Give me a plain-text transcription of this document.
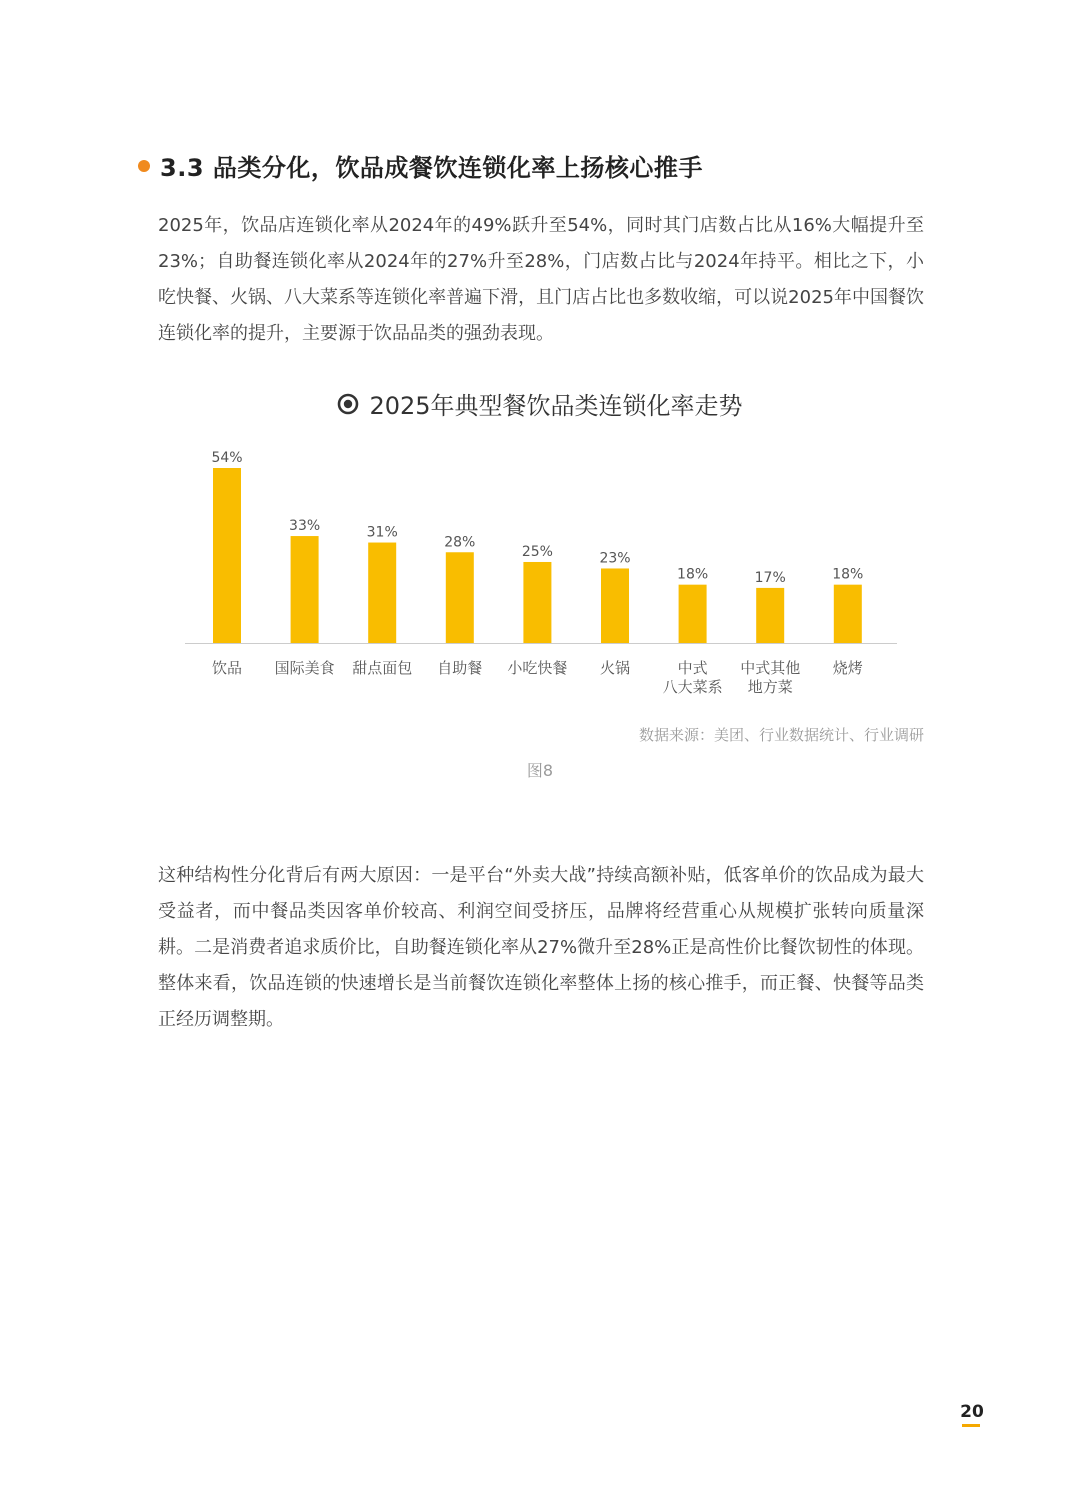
3.3 品类分化，饮品成餐饮连锁化率上扬核心推手

2025年，饮品店连锁化率从2024年的49%跃升至54%，同时其门店数占比从16%大幅提升至23%；自助餐连锁化率从2024年的27%升至28%，门店数占比与2024年持平。相比之下，小吃快餐、火锅、八大菜系等连锁化率普遍下滑，且门店占比也多数收缩，可以说2025年中国餐饮连锁化率的提升，主要源于饮品品类的强劲表现。

2025年典型餐饮品类连锁化率走势
54%
饮品
33%
国际美食
31%
甜点面包
28%
自助餐
25%
小吃快餐
23%
火锅
18%
中式
八大菜系
17%
中式其他
地方菜
18%
烧烤
数据来源：美团、行业数据统计、行业调研
图8

这种结构性分化背后有两大原因：一是平台“外卖大战”持续高额补贴，低客单价的饮品成为最大受益者，而中餐品类因客单价较高、利润空间受挤压，品牌将经营重心从规模扩张转向质量深耕。二是消费者追求质价比，自助餐连锁化率从27%微升至28%正是高性价比餐饮韧性的体现。整体来看，饮品连锁的快速增长是当前餐饮连锁化率整体上扬的核心推手，而正餐、快餐等品类正经历调整期。

20
